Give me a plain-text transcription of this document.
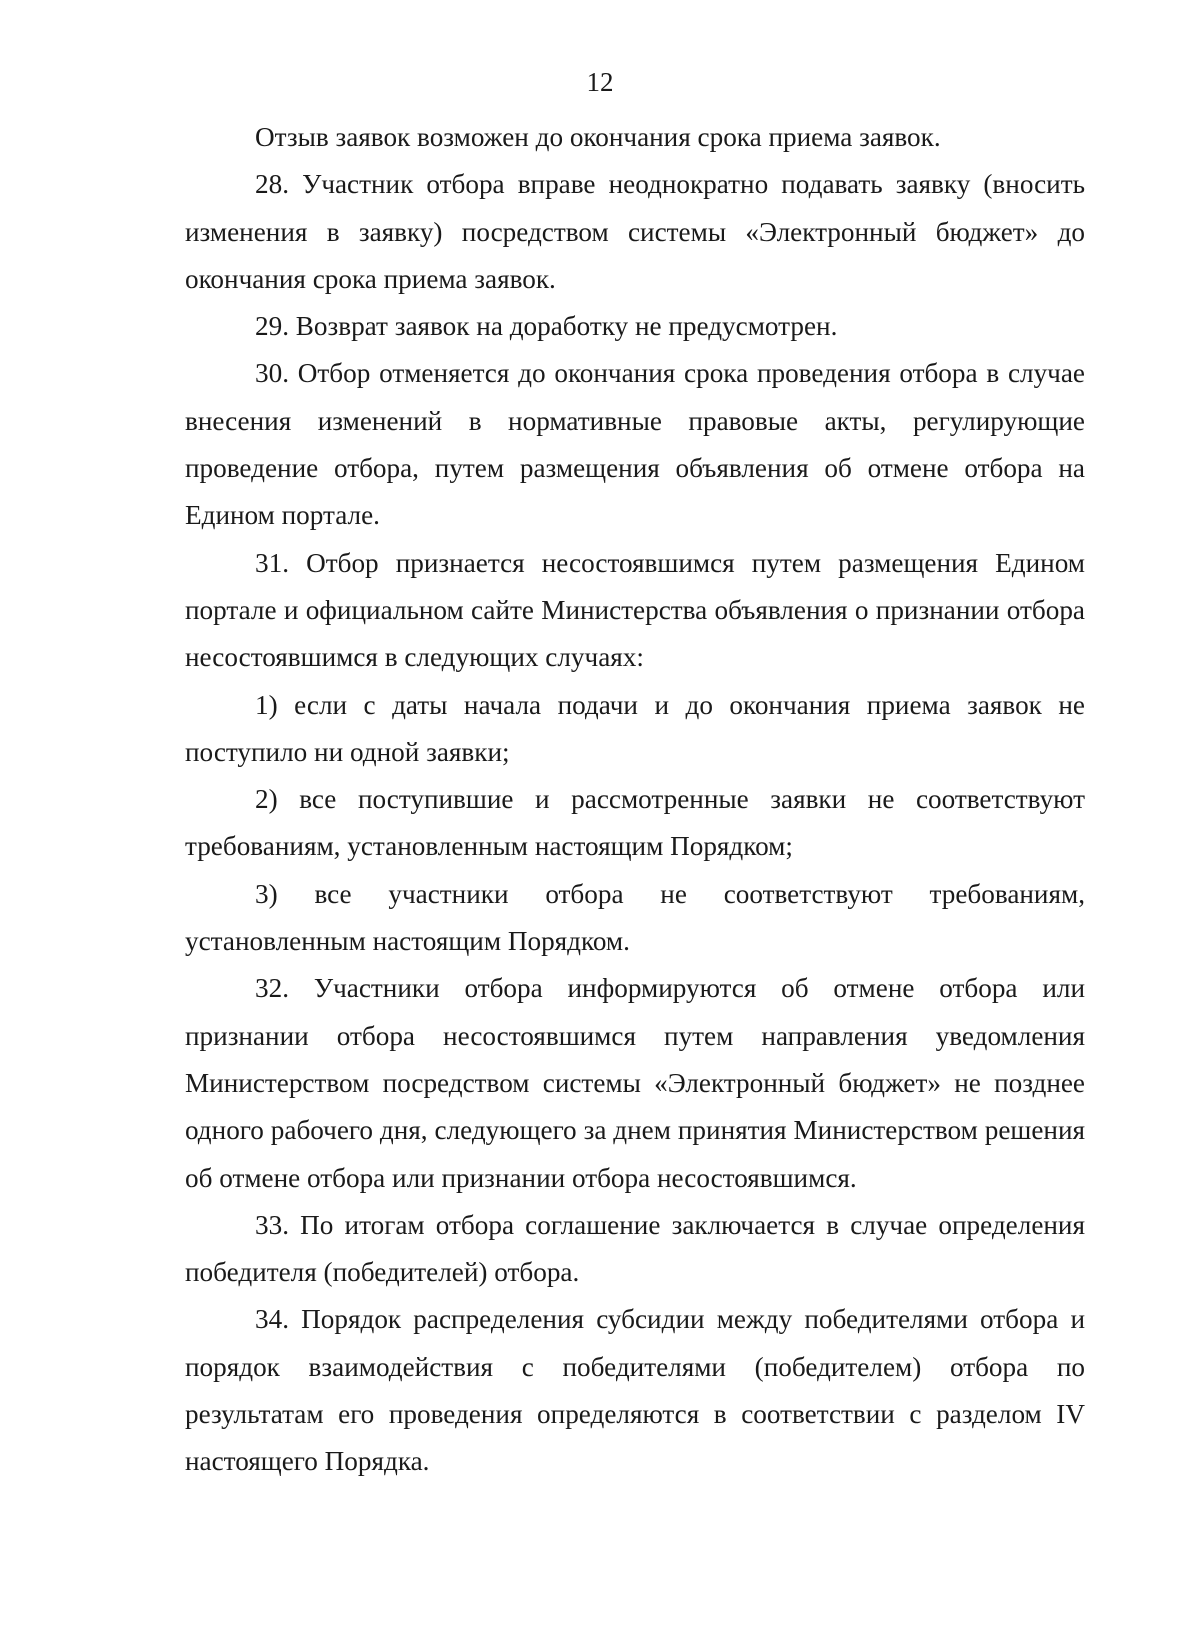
12

Отзыв заявок возможен до окончания срока приема заявок.

28. Участник отбора вправе неоднократно подавать заявку (вносить изменения в заявку) посредством системы «Электронный бюджет» до окончания срока приема заявок.

29. Возврат заявок на доработку не предусмотрен.

30. Отбор отменяется до окончания срока проведения отбора в случае внесения изменений в нормативные правовые акты, регулирующие проведение отбора, путем размещения объявления об отмене отбора на Едином портале.

31. Отбор признается несостоявшимся путем размещения Едином портале и официальном сайте Министерства объявления о признании отбора несостоявшимся в следующих случаях:

1) если с даты начала подачи и до окончания приема заявок не поступило ни одной заявки;

2) все поступившие и рассмотренные заявки не соответствуют требованиям, установленным настоящим Порядком;

3) все участники отбора не соответствуют требованиям, установленным настоящим Порядком.

32. Участники отбора информируются об отмене отбора или признании отбора несостоявшимся путем направления уведомления Министерством посредством системы «Электронный бюджет» не позднее одного рабочего дня, следующего за днем принятия Министерством решения об отмене отбора или признании отбора несостоявшимся.

33. По итогам отбора соглашение заключается в случае определения победителя (победителей) отбора.

34. Порядок распределения субсидии между победителями отбора и порядок взаимодействия с победителями (победителем) отбора по результатам его проведения определяются в соответствии с разделом IV настоящего Порядка.
